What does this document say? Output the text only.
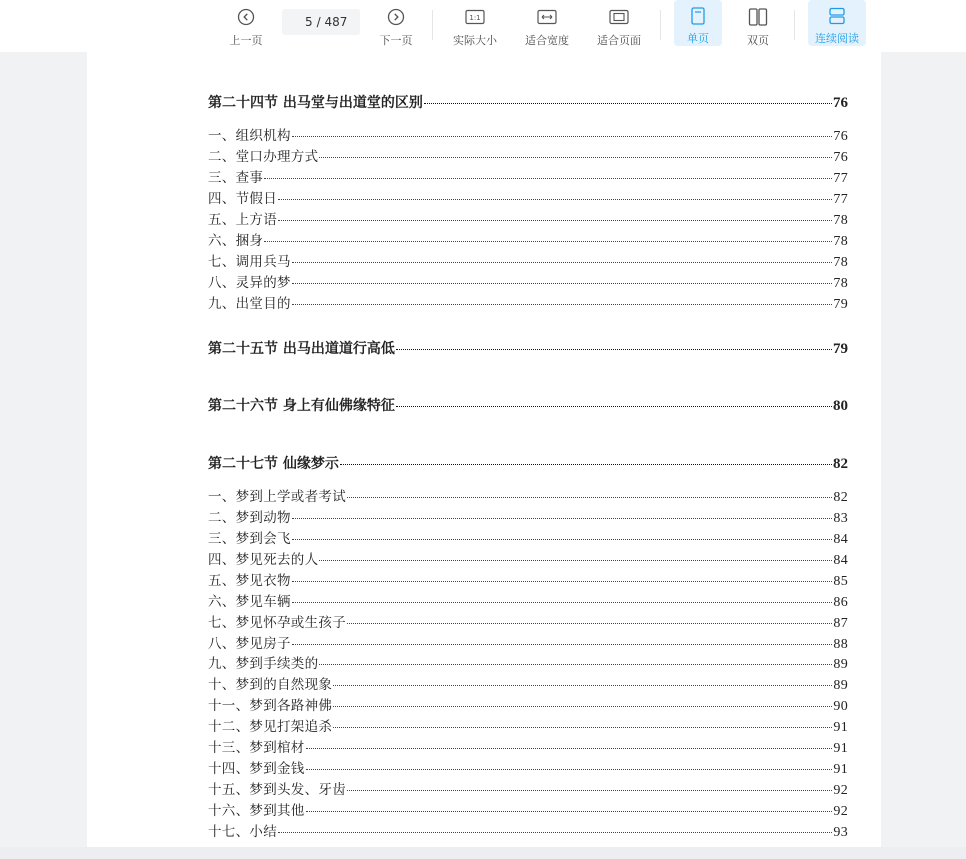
上一页
5
/ 487
下一页
1:1
实际大小	适合宽度	适合页面	单页	双页	连续阅读
第二十四节 出马堂与出道堂的区别	76
一、组织机构	76
二、堂口办理方式	76
三、查事	77
四、节假日	77
五、上方语	78
六、捆身	78
七、调用兵马	78
八、灵异的梦	78
九、出堂目的	79
第二十五节 出马出道道行高低	79
第二十六节 身上有仙佛缘特征	80
第二十七节 仙缘梦示	82
一、梦到上学或者考试	82
二、梦到动物	83
三、梦到会飞	84
四、梦见死去的人	84
五、梦见衣物	85
六、梦见车辆	86
七、梦见怀孕或生孩子	87
八、梦见房子	88
九、梦到手续类的	89
十、梦到的自然现象	89
十一、梦到各路神佛	90
十二、梦见打架追杀	91
十三、梦到棺材	91
十四、梦到金钱	91
十五、梦到头发、牙齿	92
十六、梦到其他	92
十七、小结	93
